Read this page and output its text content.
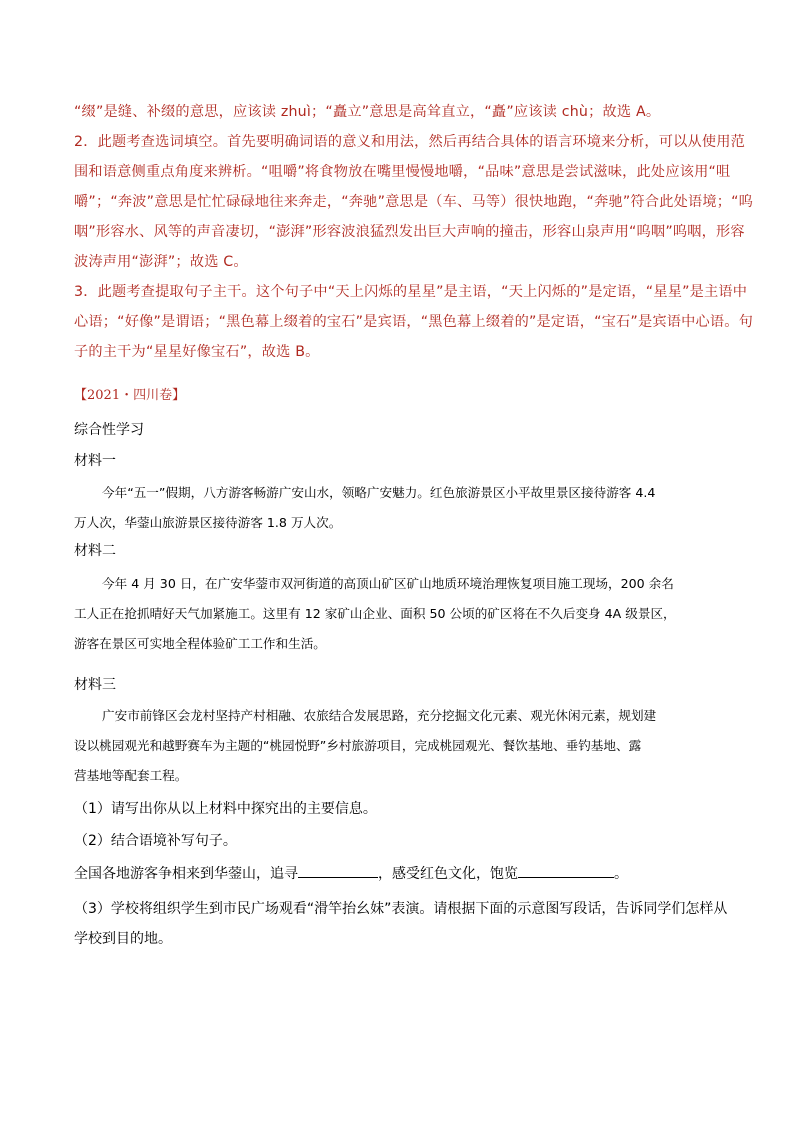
“缀”是缝、补缀的意思，应该读 zhuì；“矗立”意思是高耸直立，“矗”应该读 chù；故选 A。
2．此题考查选词填空。首先要明确词语的意义和用法，然后再结合具体的语言环境来分析，可以从使用范
围和语意侧重点角度来辨析。“咀嚼”将食物放在嘴里慢慢地嚼，“品味”意思是尝试滋味，此处应该用“咀
嚼”；“奔波”意思是忙忙碌碌地往来奔走，“奔驰”意思是（车、马等）很快地跑，“奔驰”符合此处语境；“呜
咽”形容水、风等的声音凄切，“澎湃”形容波浪猛烈发出巨大声响的撞击，形容山泉声用“呜咽”呜咽，形容
波涛声用“澎湃”；故选 C。
3．此题考查提取句子主干。这个句子中“天上闪烁的星星”是主语，“天上闪烁的”是定语，“星星”是主语中
心语；“好像”是谓语；“黑色幕上缀着的宝石”是宾语，“黑色幕上缀着的”是定语，“宝石”是宾语中心语。句
子的主干为“星星好像宝石”，故选 B。
【2021・四川卷】
综合性学习
材料一
今年“五一”假期，八方游客畅游广安山水，领略广安魅力。红色旅游景区小平故里景区接待游客 4.4
万人次，华蓥山旅游景区接待游客 1.8 万人次。
材料二
今年 4 月 30 日，在广安华蓥市双河街道的高顶山矿区矿山地质环境治理恢复项目施工现场，200 余名
工人正在抢抓晴好天气加紧施工。这里有 12 家矿山企业、面积 50 公顷的矿区将在不久后变身 4A 级景区，
游客在景区可实地全程体验矿工工作和生活。
材料三
广安市前锋区会龙村坚持产村相融、农旅结合发展思路，充分挖掘文化元素、观光休闲元素，规划建
设以桃园观光和越野赛车为主题的“桃园悦野”乡村旅游项目，完成桃园观光、餐饮基地、垂钓基地、露
营基地等配套工程。
（1）请写出你从以上材料中探究出的主要信息。
（2）结合语境补写句子。
全国各地游客争相来到华蓥山，追寻	，感受红色文化，饱览	。
（3）学校将组织学生到市民广场观看“滑竿抬幺妹”表演。请根据下面的示意图写段话，告诉同学们怎样从
学校到目的地。
